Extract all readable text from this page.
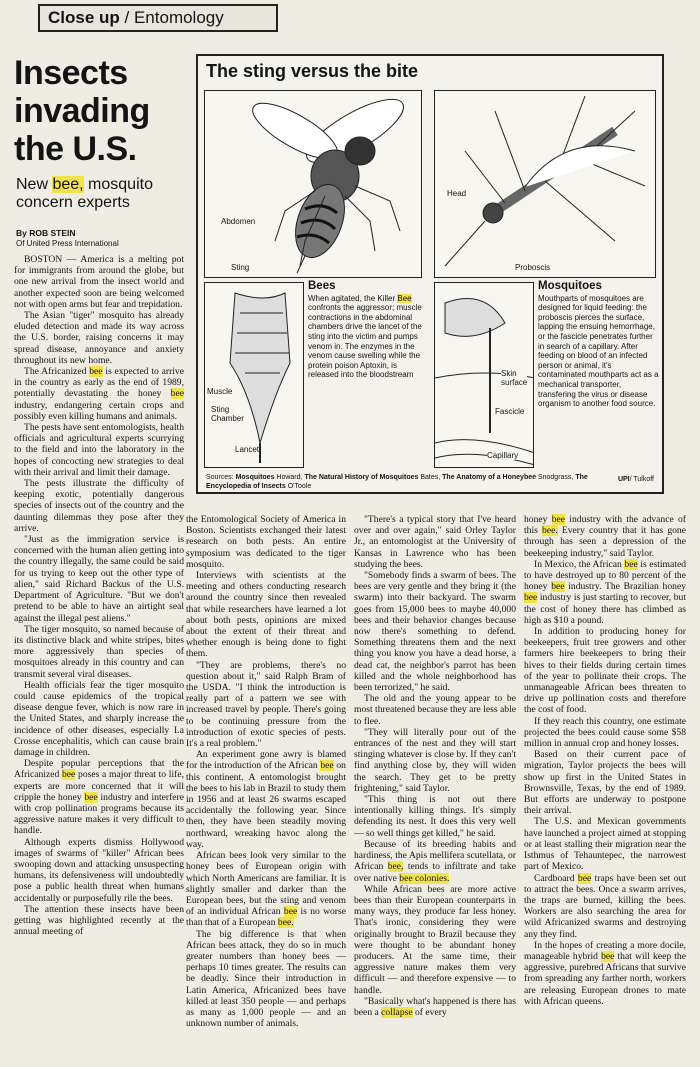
Close up / Entomology
Insects
invading
the U.S.
New bee, mosquito concern experts
By ROB STEIN
Of United Press International
The sting versus the bite
Abdomen
Sting
Head
Proboscis
Muscle
Sting
Chamber
Lancet
Bees
When agitated, the Killer Bee confronts the aggressor; muscle contractions in the abdominal chambers drive the lancet of the sting into the victim and pumps venom in. The enzymes in the venom cause swelling while the protein poison Aptoxin, is released into the bloodstream	Skin
surface
Fascicle
Capillary
Mosquitoes
Mouthparts of mosquitoes are designed for liquid feeding: the proboscis pierces the surface, lapping the ensuing hemorrhage, or the fascicle penetrates further in search of a capillary. After feeding on blood of an infected person or animal, it's contaminated mouthparts act as a mechanical transporter, transfering the virus or disease organism to another food source.
Sources: Mosquitoes Howard, The Natural History of Mosquitoes Bates, The Anatomy of a Honeybee Snodgrass, The Encyclopedia of Insects O'Toole
UPI/ Tulkoff

BOSTON — America is a melting pot for immigrants from around the globe, but one new arrival from the insect world and another expected soon are being welcomed not with open arms but fear and trepidation.

The Asian "tiger" mosquito has already eluded detection and made its way across the U.S. border, raising concerns it may spread disease, annoyance and anxiety throughout its new home.

The Africanized bee is expected to arrive in the country as early as the end of 1989, potentially devastating the honey bee industry, endangering certain crops and possibly even killing humans and animals.

The pests have sent entomologists, health officials and agricultural experts scurrying to the field and into the laboratory in the hopes of concocting new strategies to deal with their arrival and limit their damage.

The pests illustrate the difficulty of keeping exotic, potentially dangerous species of insects out of the country and the daunting dilemmas they pose after they arrive.

"Just as the immigration service is concerned with the human alien getting into the country illegally, the same could be said for us trying to keep out the other type of alien," said Richard Backus of the U.S. Department of Agriculture. "But we don't pretend to be able to have an airtight seal against the illegal pest aliens."

The tiger mosquito, so named because of its distinctive black and white stripes, bites more aggressively than species of mosquitoes already in this country and can transmit several viral diseases.

Health officials fear the tiger mosquito could cause epidemics of the tropical disease dengue fever, which is now rare in the United States, and sharply increase the incidence of other diseases, especially La Crosse encephalitis, which can cause brain damage in children.

Despite popular perceptions that the Africanized bee poses a major threat to life, experts are more concerned that it will cripple the honey bee industry and interfere with crop pollination programs because its aggressive nature makes it very difficult to handle.

Although experts dismiss Hollywood images of swarms of "killer" African bees swooping down and attacking unsuspecting humans, its defensiveness will undoubtedly pose a public health threat when humans accidentally or purposefully rile the bees.

The attention these insects have been getting was highlighted recently at the annual meeting of

the Entomological Society of America in Boston. Scientists exchanged their latest research on both pests. An entire symposium was dedicated to the tiger mosquito.

Interviews with scientists at the meeting and others conducting research around the country since then revealed that while researchers have learned a lot about both pests, opinions are mixed about the extent of their threat and whether enough is being done to fight them.

"They are problems, there's no question about it," said Ralph Bram of the USDA. "I think the introduction is really part of a pattern we see with increased travel by people. There's going to be continuing pressure from the introduction of exotic species of pests. It's a real problem."

An experiment gone awry is blamed for the introduction of the African bee on this continent. A entomologist brought the bees to his lab in Brazil to study them in 1956 and at least 26 swarms escaped accidentally the following year. Since then, they have been steadily moving northward, wreaking havoc along the way.

African bees look very similar to the honey bees of European origin with which North Americans are familiar. It is slightly smaller and darker than the European bees, but the sting and venom of an individual African bee is no worse than that of a European bee.

The big difference is that when African bees attack, they do so in much greater numbers than honey bees — perhaps 10 times greater. The results can be deadly. Since their introduction in Latin America, Africanized bees have killed at least 350 people — and perhaps as many as 1,000 people — and an unknown number of animals.

"There's a typical story that I've heard over and over again," said Orley Taylor Jr., an entomologist at the University of Kansas in Lawrence who has been studying the bees.

"Somebody finds a swarm of bees. The bees are very gentle and they bring it (the swarm) into their backyard. The swarm goes from 15,000 bees to maybe 40,000 bees and their behavior changes because now there's something to defend. Something threatens them and the next thing you know you have a dead horse, a dead cat, the neighbor's parrot has been killed and the whole neighborhood has been terrorized," he said.

The old and the young appear to be most threatened because they are less able to flee.

"They will literally pour out of the entrances of the nest and they will start stinging whatever is close by. If they can't find anything close by, they will widen the search. They get to be pretty frightening," said Taylor.

"This thing is not out there intentionally killing things. It's simply defending its nest. It does this very well — so well things get killed," he said.

Because of its breeding habits and hardiness, the Apis mellifera scutellata, or African bee, tends to infiltrate and take over native bee colonies.

While African bees are more active bees than their European counterparts in many ways, they produce far less honey. That's ironic, considering they were originally brought to Brazil because they were thought to be abundant honey producers. At the same time, their aggressive nature makes them very difficult — and therefore expensive — to handle.

"Basically what's happened is there has been a collapse of every

honey bee industry with the advance of this bee. Every country that it has gone through has seen a depression of the beekeeping industry," said Taylor.

In Mexico, the African bee is estimated to have destroyed up to 80 percent of the honey bee industry. The Brazilian honey bee industry is just starting to recover, but the cost of honey there has climbed as high as $10 a pound.

In addition to producing honey for beekeepers, fruit tree growers and other farmers hire beekeepers to bring their hives to their fields during certain times of the year to pollinate their crops. The unmanageable African bees threaten to drive up pollination costs and therefore the cost of food.

If they reach this country, one estimate projected the bees could cause some $58 million in annual crop and honey losses.

Based on their current pace of migration, Taylor projects the bees will show up first in the United States in Brownsville, Texas, by the end of 1989. But efforts are underway to postpone their arrival.

The U.S. and Mexican governments have launched a project aimed at stopping or at least stalling their migration near the Isthmus of Tehauntepec, the narrowest part of Mexico.

Cardboard bee traps have been set out to attract the bees. Once a swarm arrives, the traps are burned, killing the bees. Workers are also searching the area for wild Africanized swarms and destroying any they find.

In the hopes of creating a more docile, manageable hybrid bee that will keep the aggressive, purebred Africans that survive from spreading any farther north, workers are releasing European drones to mate with African queens.
